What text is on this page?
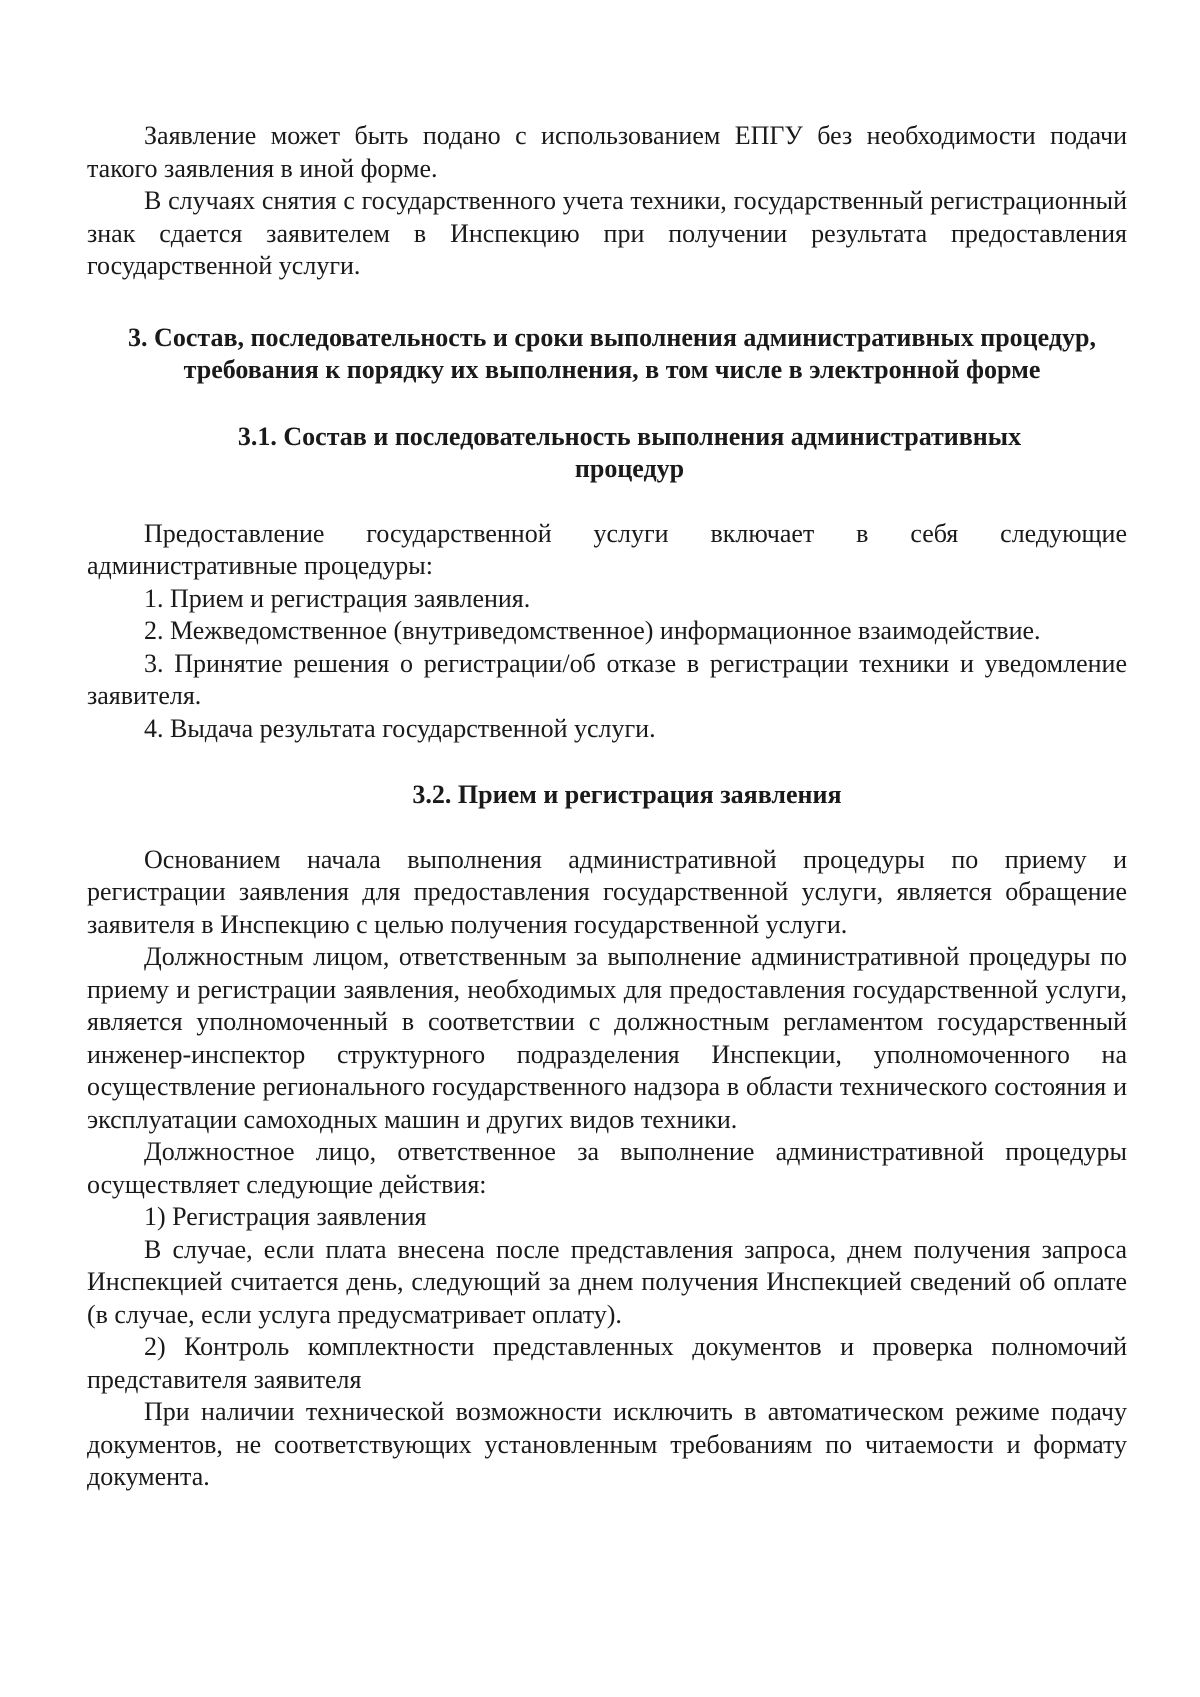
Заявление может быть подано с использованием ЕПГУ без необходимости подачи такого заявления в иной форме.

В случаях снятия с государственного учета техники, государственный регистрационный знак сдается заявителем в Инспекцию при получении результата предоставления государственной услуги.

3. Состав, последовательность и сроки выполнения административных процедур, требования к порядку их выполнения, в том числе в электронной форме

3.1. Состав и последовательность выполнения административных процедур

Предоставление государственной услуги включает в себя следующие административные процедуры:

1. Прием и регистрация заявления.

2. Межведомственное (внутриведомственное) информационное взаимодействие.

3. Принятие решения о регистрации/об отказе в регистрации техники и уведомление заявителя.

4. Выдача результата государственной услуги.

3.2. Прием и регистрация заявления

Основанием начала выполнения административной процедуры по приему и регистрации заявления для предоставления государственной услуги, является обращение заявителя в Инспекцию с целью получения государственной услуги.

Должностным лицом, ответственным за выполнение административной процедуры по приему и регистрации заявления, необходимых для предоставления государственной услуги, является уполномоченный в соответствии с должностным регламентом государственный инженер-инспектор структурного подразделения Инспекции, уполномоченного на осуществление регионального государственного надзора в области технического состояния и эксплуатации самоходных машин и других видов техники.

Должностное лицо, ответственное за выполнение административной процедуры осуществляет следующие действия:

1) Регистрация заявления

В случае, если плата внесена после представления запроса, днем получения запроса Инспекцией считается день, следующий за днем получения Инспекцией сведений об оплате (в случае, если услуга предусматривает оплату).

2) Контроль комплектности представленных документов и проверка полномочий представителя заявителя

При наличии технической возможности исключить в автоматическом режиме подачу документов, не соответствующих установленным требованиям по читаемости и формату документа.
